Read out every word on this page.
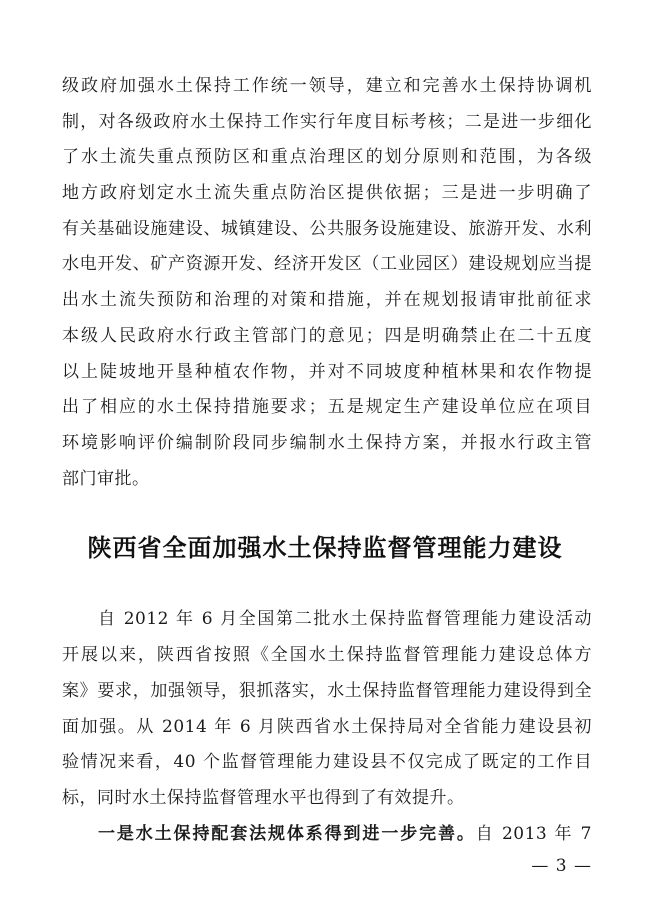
级政府加强水土保持工作统一领导，建立和完善水土保持协调机
制，对各级政府水土保持工作实行年度目标考核；二是进一步细化
了水土流失重点预防区和重点治理区的划分原则和范围，为各级
地方政府划定水土流失重点防治区提供依据；三是进一步明确了
有关基础设施建设、城镇建设、公共服务设施建设、旅游开发、水利
水电开发、矿产资源开发、经济开发区（工业园区）建设规划应当提
出水土流失预防和治理的对策和措施，并在规划报请审批前征求
本级人民政府水行政主管部门的意见；四是明确禁止在二十五度
以上陡坡地开垦种植农作物，并对不同坡度种植林果和农作物提
出了相应的水土保持措施要求；五是规定生产建设单位应在项目
环境影响评价编制阶段同步编制水土保持方案，并报水行政主管
部门审批。
陕西省全面加强水土保持监督管理能力建设
自 2012 年 6 月全国第二批水土保持监督管理能力建设活动
开展以来，陕西省按照《全国水土保持监督管理能力建设总体方
案》要求，加强领导，狠抓落实，水土保持监督管理能力建设得到全
面加强。从 2014 年 6 月陕西省水土保持局对全省能力建设县初
验情况来看，40 个监督管理能力建设县不仅完成了既定的工作目
标，同时水土保持监督管理水平也得到了有效提升。
一是水土保持配套法规体系得到进一步完善。自 2013 年 7
— 3 —
